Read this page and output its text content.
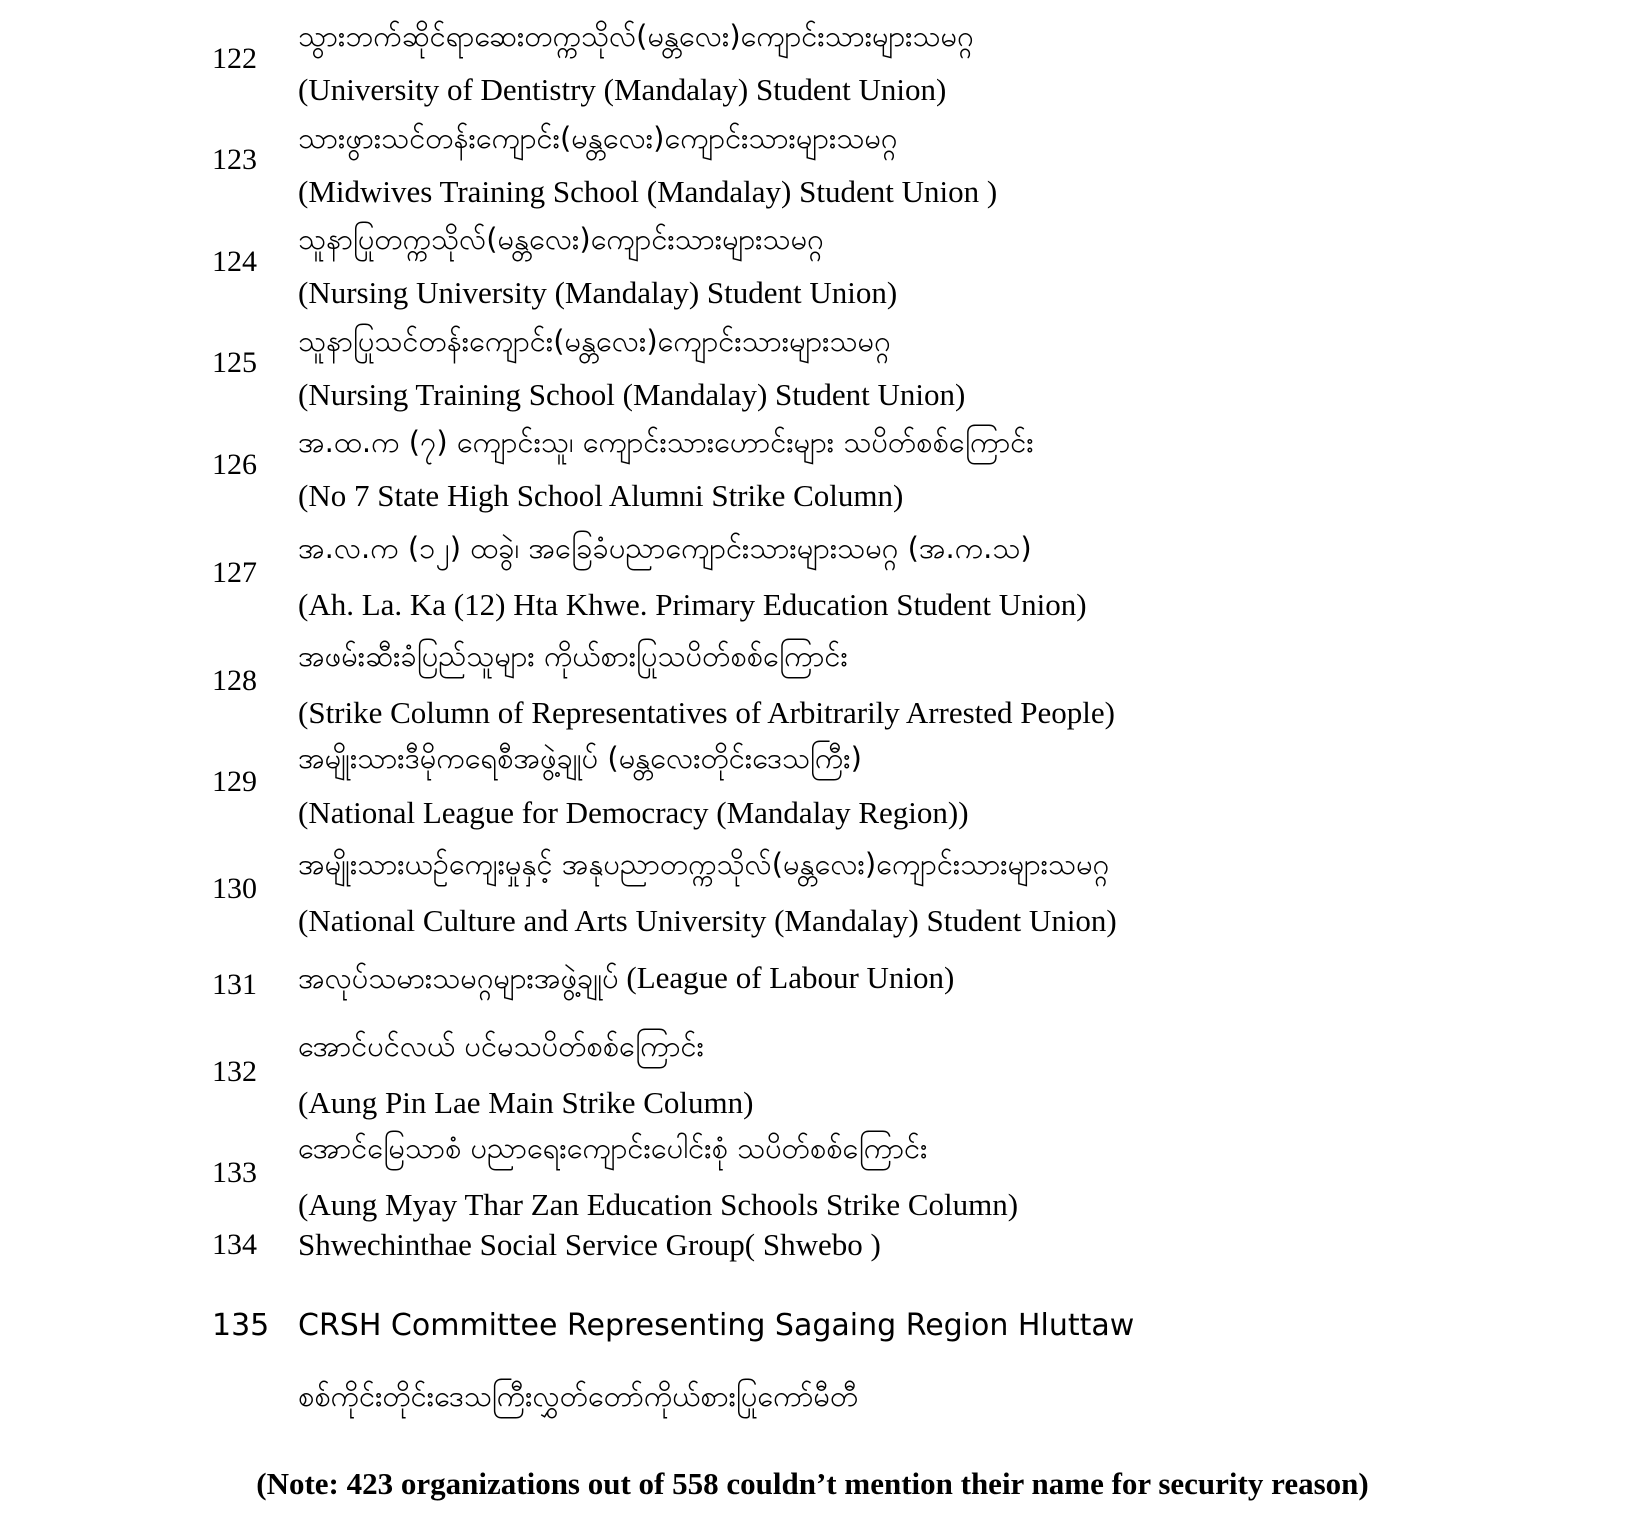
သွားဘက်ဆိုင်ရာဆေးတက္ကသိုလ်(မန္တလေး)ကျောင်းသားများသမဂ္ဂ
122
(University of Dentistry (Mandalay) Student Union)
သားဖွားသင်တန်းကျောင်း(မန္တလေး)ကျောင်းသားများသမဂ္ဂ
123
(Midwives Training School (Mandalay) Student Union )
သူနာပြုတက္ကသိုလ်(မန္တလေး)ကျောင်းသားများသမဂ္ဂ
124
(Nursing University (Mandalay) Student Union)
သူနာပြုသင်တန်းကျောင်း(မန္တလေး)ကျောင်းသားများသမဂ္ဂ
125
(Nursing Training School (Mandalay) Student Union)
အ.ထ.က (၇) ကျောင်းသူ၊ ကျောင်းသားဟောင်းများ သပိတ်စစ်ကြောင်း
126
(No 7 State High School Alumni Strike Column)
အ.လ.က (၁၂) ထခွဲ၊ အခြေခံပညာကျောင်းသားများသမဂ္ဂ (အ.က.သ)
127
(Ah. La. Ka (12) Hta Khwe. Primary Education Student Union)
အဖမ်းဆီးခံပြည်သူများ ကိုယ်စားပြုသပိတ်စစ်ကြောင်း
128
(Strike Column of Representatives of Arbitrarily Arrested People)
အမျိုးသားဒီမိုကရေစီအဖွဲ့ချုပ် (မန္တလေးတိုင်းဒေသကြီး)
129
(National League for Democracy (Mandalay Region))
အမျိုးသားယဉ်ကျေးမှုနှင့် အနုပညာတက္ကသိုလ်(မန္တလေး)ကျောင်းသားများသမဂ္ဂ
130
(National Culture and Arts University (Mandalay) Student Union)
131	အလုပ်သမားသမဂ္ဂများအဖွဲ့ချုပ် (League of Labour Union)
အောင်ပင်လယ် ပင်မသပိတ်စစ်ကြောင်း
132
(Aung Pin Lae Main Strike Column)
အောင်မြေသာစံ ပညာရေးကျောင်းပေါင်းစုံ သပိတ်စစ်ကြောင်း
133
(Aung Myay Thar Zan Education Schools Strike Column)
134	Shwechinthae Social Service Group( Shwebo )
135 CRSH Committee Representing Sagaing Region Hluttaw
စစ်ကိုင်းတိုင်းဒေသကြီးလွှတ်တော်ကိုယ်စားပြုကော်မီတီ
(Note: 423 organizations out of 558 couldn’t mention their name for security reason)
